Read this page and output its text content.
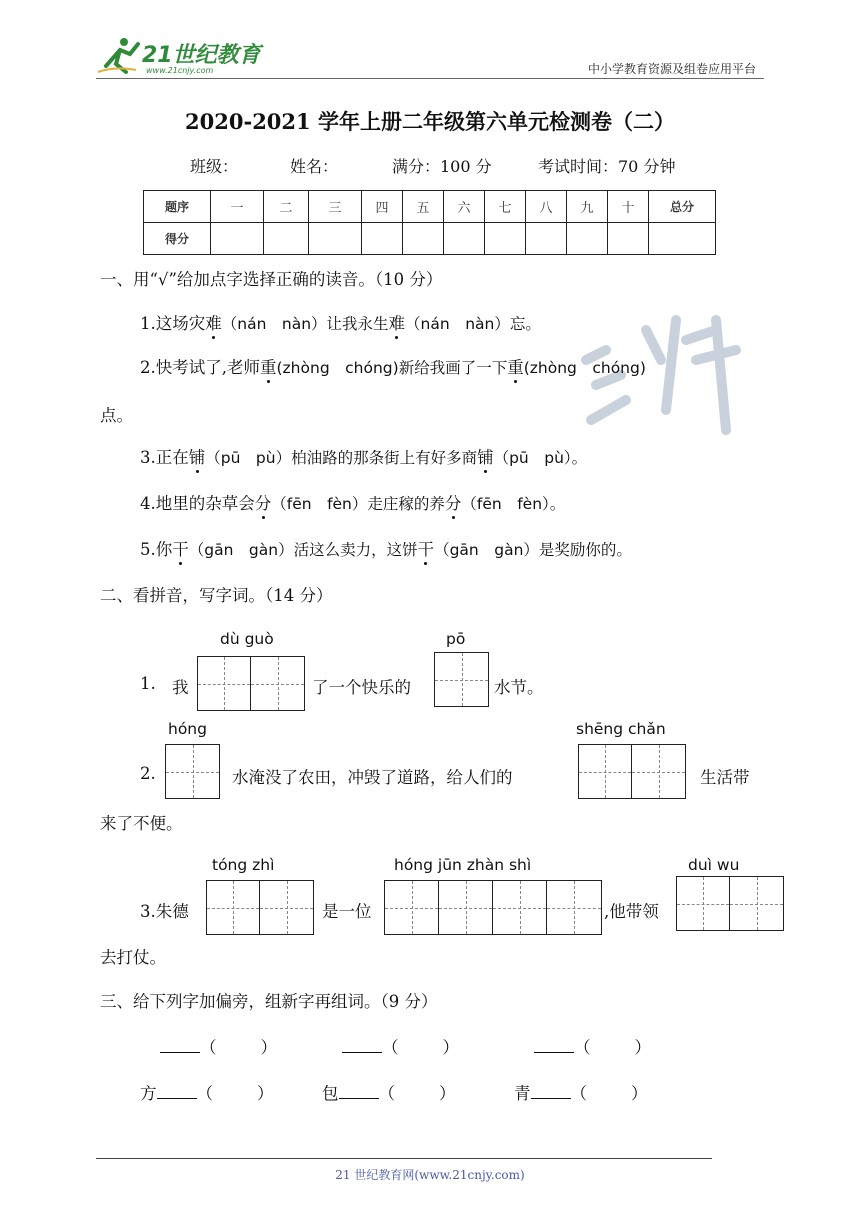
21世纪教育
www.21cnjy.com	中小学教育资源及组卷应用平台
2020-2021 学年上册二年级第六单元检测卷（二）
班级：	姓名：	满分：100 分	考试时间：70 分钟
题序	一	二	三	四	五	六	七	八	九	十	总分
得分											
一、用“√”给加点字选择正确的读音。（10 分）
1.这场灾难（nán　nàn）让我永生难（nán　nàn）忘。
2.快考试了,老师重(zhòng　chóng)新给我画了一下重(zhòng　chóng)
点。
3.正在铺（pū　pù）柏油路的那条街上有好多商铺（pū　pù）。
4.地里的杂草会分（fēn　fèn）走庄稼的养分（fēn　fèn）。
5.你干（gān　gàn）活这么卖力，这饼干（gān　gàn）是奖励你的。
二、看拼音，写字词。（14 分）
dù guò	pō
1. 我	了一个快乐的	水节。
hóng	shēng chǎn
2.	水淹没了农田，冲毁了道路，给人们的	生活带
来了不便。
tóng zhì	hóng jūn zhàn shì	duì wu
3.朱德	是一位	,他带领
去打仗。
三、给下列字加偏旁，组新字再组词。（9 分）
（	）	（	）	（	）
方 （	）	包 （	）	青 （	）
21 世纪教育网(www.21cnjy.com)
